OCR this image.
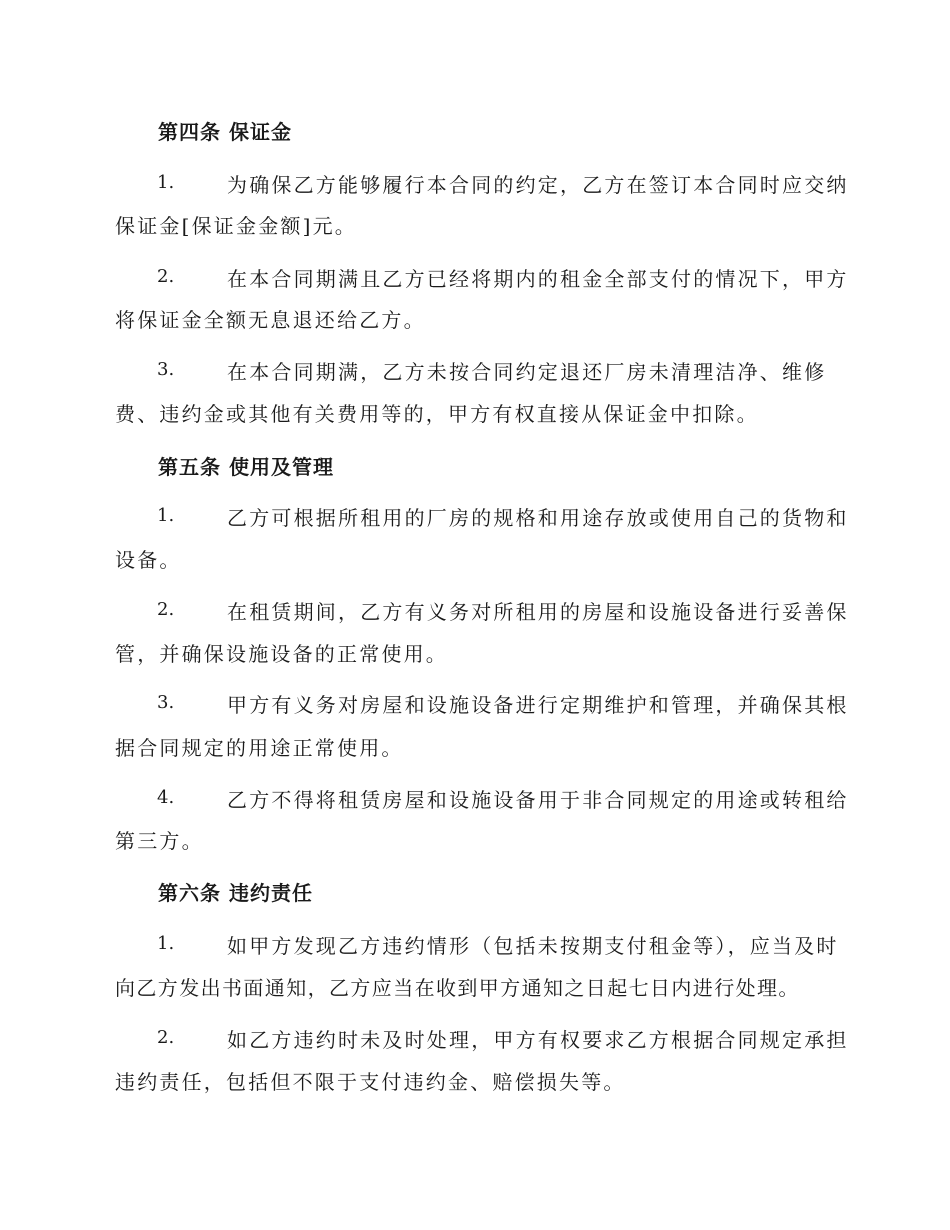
第四条 保证金
1.	为确保乙方能够履行本合同的约定，乙方在签订本合同时应交纳
保证金[保证金金额]元。
2.	在本合同期满且乙方已经将期内的租金全部支付的情况下，甲方
将保证金全额无息退还给乙方。
3.	在本合同期满，乙方未按合同约定退还厂房未清理洁净、维修
费、违约金或其他有关费用等的，甲方有权直接从保证金中扣除。
第五条 使用及管理
1.	乙方可根据所租用的厂房的规格和用途存放或使用自己的货物和
设备。
2.	在租赁期间，乙方有义务对所租用的房屋和设施设备进行妥善保
管，并确保设施设备的正常使用。
3.	甲方有义务对房屋和设施设备进行定期维护和管理，并确保其根
据合同规定的用途正常使用。
4.	乙方不得将租赁房屋和设施设备用于非合同规定的用途或转租给
第三方。
第六条 违约责任
1.	如甲方发现乙方违约情形（包括未按期支付租金等），应当及时
向乙方发出书面通知，乙方应当在收到甲方通知之日起七日内进行处理。
2.	如乙方违约时未及时处理，甲方有权要求乙方根据合同规定承担
违约责任，包括但不限于支付违约金、赔偿损失等。
